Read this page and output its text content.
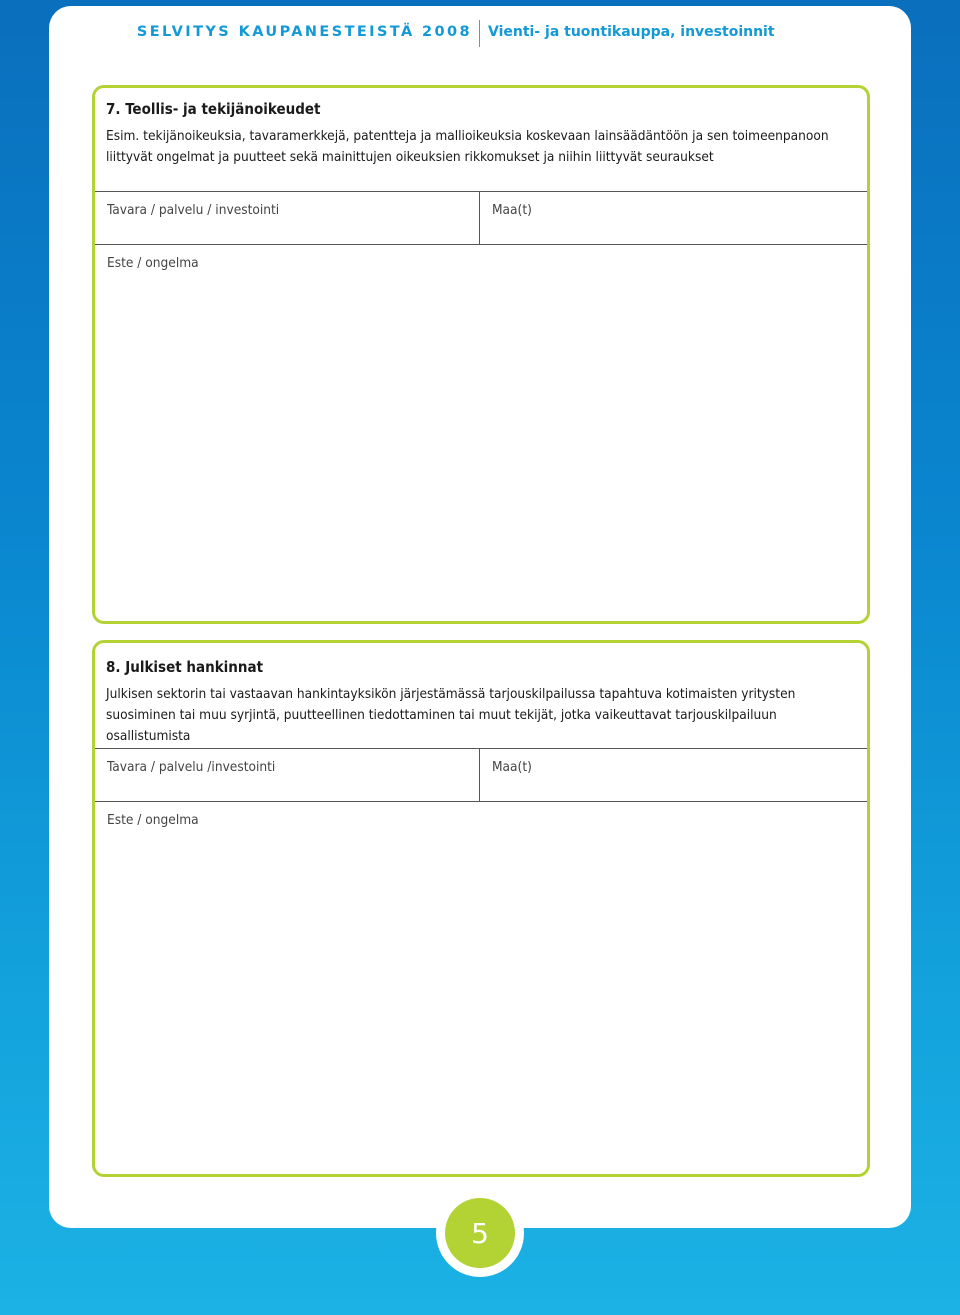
SELVITYS KAUPANESTEISTÄ 2008 Vienti- ja tuontikauppa, investoinnit
7. Teollis- ja tekijänoikeudet
Esim. tekijänoikeuksia, tavaramerkkejä, patentteja ja mallioikeuksia koskevaan lainsäädäntöön ja sen toimeenpanoon liittyvät ongelmat ja puutteet sekä mainittujen oikeuksien rikkomukset ja niihin liittyvät seuraukset
Tavara / palvelu / investointi	Maa(t)
Este / ongelma
8. Julkiset hankinnat
Julkisen sektorin tai vastaavan hankintayksikön järjestämässä tarjouskilpailussa tapahtuva kotimaisten yritysten suosiminen tai muu syrjintä, puutteellinen tiedottaminen tai muut tekijät, jotka vaikeuttavat tarjouskilpailuun osallistumista
Tavara / palvelu /investointi	Maa(t)
Este / ongelma
5
